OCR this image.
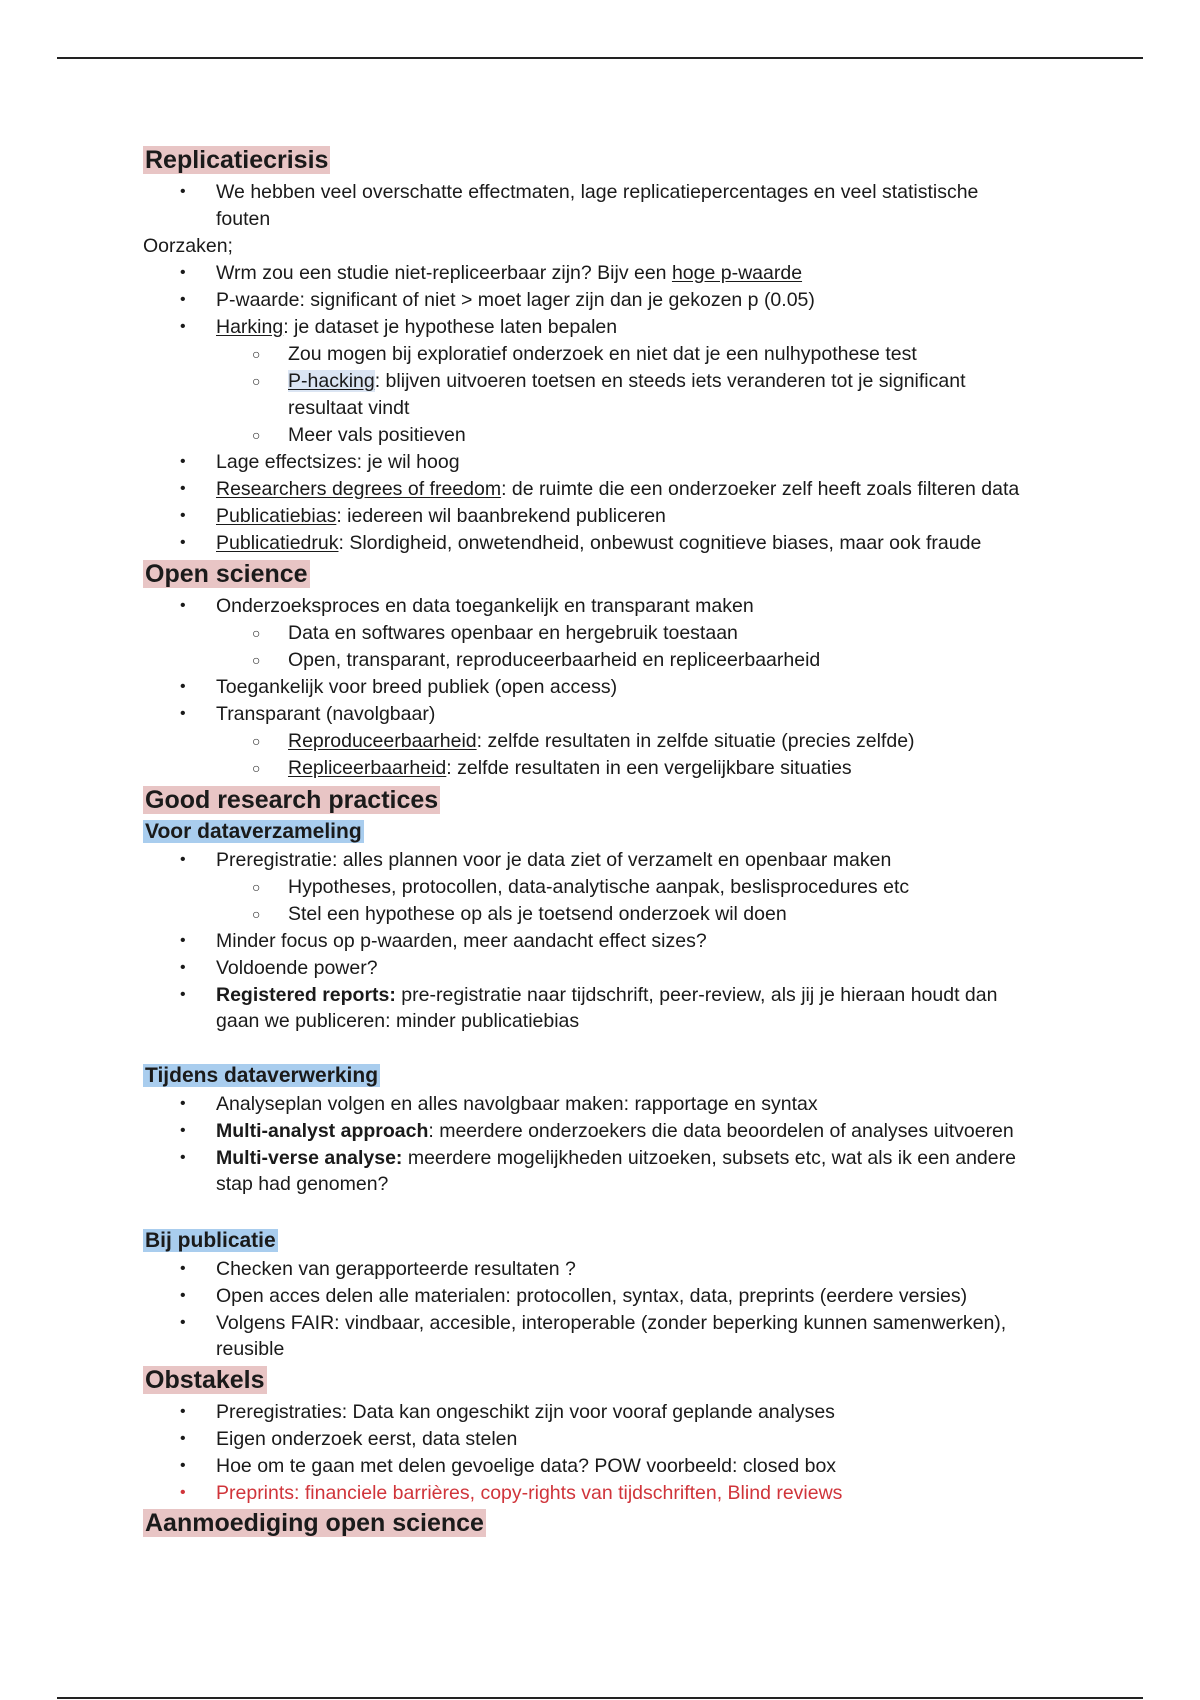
Replicatiecrisis
• We hebben veel overschatte effectmaten, lage replicatiepercentages en veel statistische
fouten
Oorzaken;
• Wrm zou een studie niet-repliceerbaar zijn? Bijv een hoge p-waarde
• P-waarde: significant of niet > moet lager zijn dan je gekozen p (0.05)
• Harking: je dataset je hypothese laten bepalen
○ Zou mogen bij exploratief onderzoek en niet dat je een nulhypothese test
○ P-hacking: blijven uitvoeren toetsen en steeds iets veranderen tot je significant
resultaat vindt
○ Meer vals positieven
• Lage effectsizes: je wil hoog
• Researchers degrees of freedom: de ruimte die een onderzoeker zelf heeft zoals filteren data
• Publicatiebias: iedereen wil baanbrekend publiceren
• Publicatiedruk: Slordigheid, onwetendheid, onbewust cognitieve biases, maar ook fraude
Open science
• Onderzoeksproces en data toegankelijk en transparant maken
○ Data en softwares openbaar en hergebruik toestaan
○ Open, transparant, reproduceerbaarheid en repliceerbaarheid
• Toegankelijk voor breed publiek (open access)
• Transparant (navolgbaar)
○ Reproduceerbaarheid: zelfde resultaten in zelfde situatie (precies zelfde)
○ Repliceerbaarheid: zelfde resultaten in een vergelijkbare situaties
Good research practices
Voor dataverzameling
• Preregistratie: alles plannen voor je data ziet of verzamelt en openbaar maken
○ Hypotheses, protocollen, data-analytische aanpak, beslisprocedures etc
○ Stel een hypothese op als je toetsend onderzoek wil doen
• Minder focus op p-waarden, meer aandacht effect sizes?
• Voldoende power?
• Registered reports: pre-registratie naar tijdschrift, peer-review, als jij je hieraan houdt dan
gaan we publiceren: minder publicatiebias
Tijdens dataverwerking
• Analyseplan volgen en alles navolgbaar maken: rapportage en syntax
• Multi-analyst approach: meerdere onderzoekers die data beoordelen of analyses uitvoeren
• Multi-verse analyse: meerdere mogelijkheden uitzoeken, subsets etc, wat als ik een andere
stap had genomen?
Bij publicatie
• Checken van gerapporteerde resultaten ?
• Open acces delen alle materialen: protocollen, syntax, data, preprints (eerdere versies)
• Volgens FAIR: vindbaar, accesible, interoperable (zonder beperking kunnen samenwerken),
reusible
Obstakels
• Preregistraties: Data kan ongeschikt zijn voor vooraf geplande analyses
• Eigen onderzoek eerst, data stelen
• Hoe om te gaan met delen gevoelige data? POW voorbeeld: closed box
• Preprints: financiele barrières, copy-rights van tijdschriften, Blind reviews
Aanmoediging open science
